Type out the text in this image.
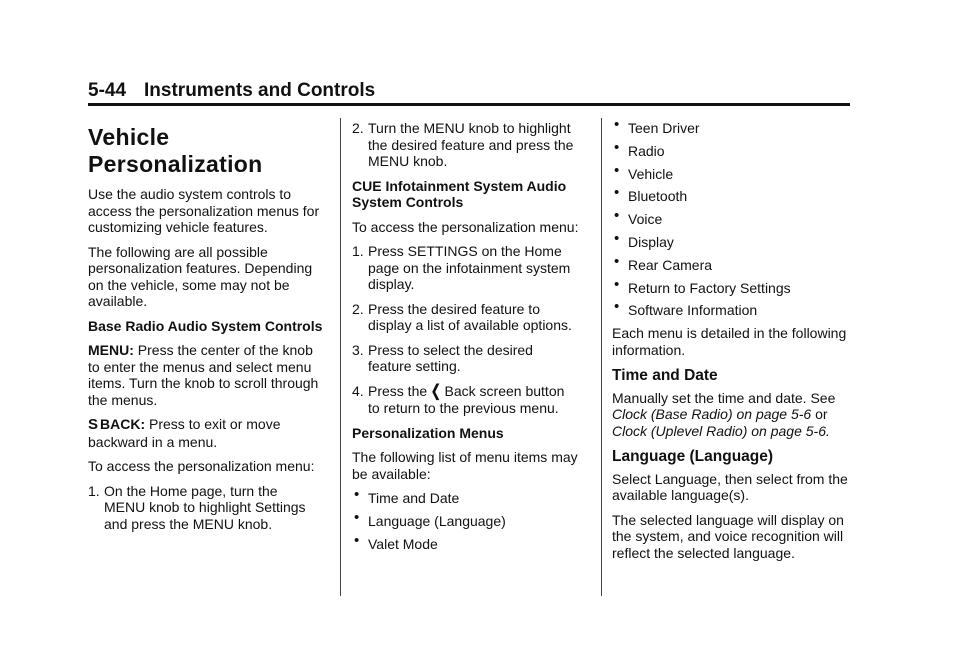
5-44 Instruments and Controls
Vehicle
Personalization

Use the audio system controls to access the personalization menus for customizing vehicle features.

The following are all possible personalization features. Depending on the vehicle, some may not be available.

Base Radio Audio System Controls

MENU: Press the center of the knob to enter the menus and select menu items. Turn the knob to scroll through the menus.

S BACK: Press to exit or move backward in a menu.

To access the personalization menu:

1. On the Home page, turn the
MENU knob to highlight Settings and press the MENU knob.
2. Turn the MENU knob to highlight
the desired feature and press the MENU knob.

CUE Infotainment System Audio System Controls

To access the personalization menu:

1. Press SETTINGS on the Home
page on the infotainment system display.
2. Press the desired feature to
display a list of available options.
3. Press to select the desired
feature setting.
4. Press the ❬ Back screen button
to return to the previous menu.

Personalization Menus

The following list of menu items may be available:

• Time and Date
• Language (Language)
• Valet Mode
• Teen Driver
• Radio
• Vehicle
• Bluetooth
• Voice
• Display
• Rear Camera
• Return to Factory Settings
• Software Information

Each menu is detailed in the following information.

Time and Date

Manually set the time and date. See Clock (Base Radio) on page 5-6 or Clock (Uplevel Radio) on page 5-6.

Language (Language)

Select Language, then select from the available language(s).

The selected language will display on the system, and voice recognition will reflect the selected language.
